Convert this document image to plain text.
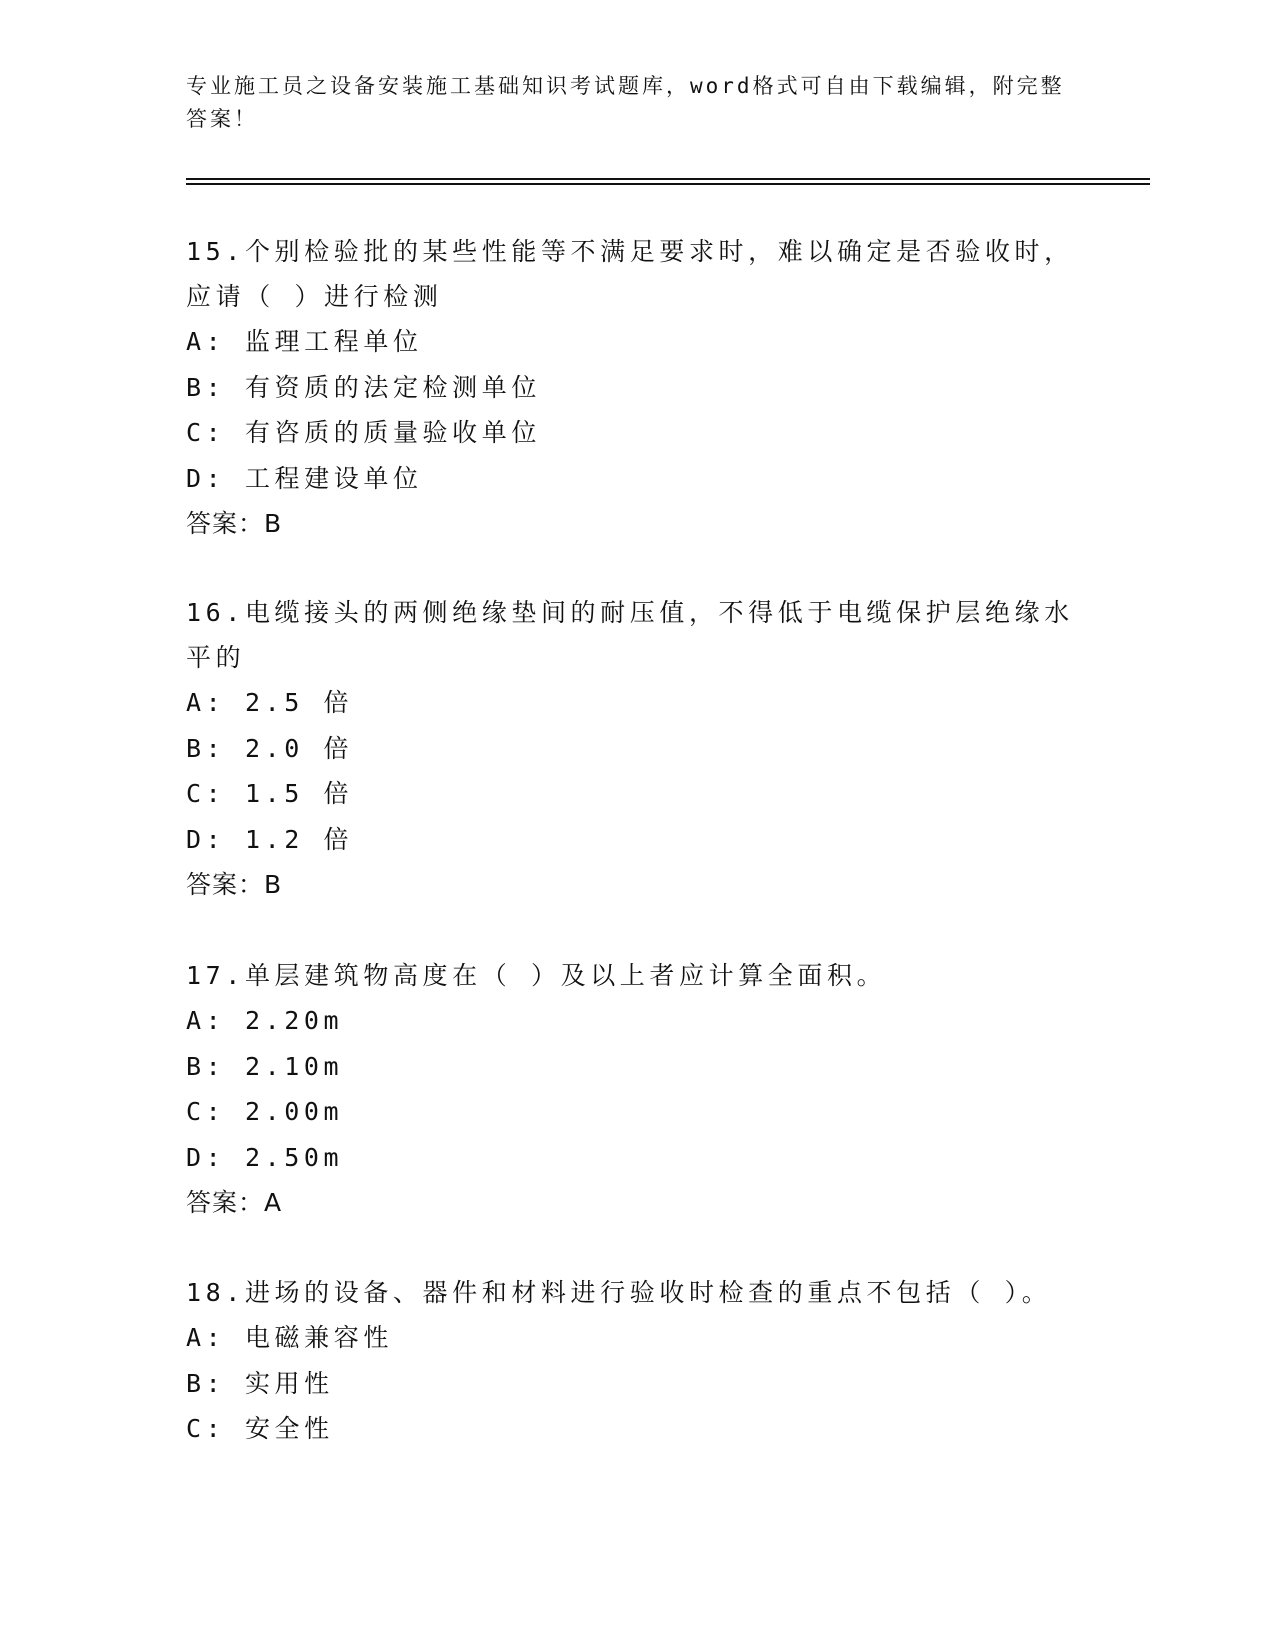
专业施工员之设备安装施工基础知识考试题库，word格式可自由下载编辑，附完整答案！

15.个别检验批的某些性能等不满足要求时，难以确定是否验收时，应请（ ）进行检测

A: 监理工程单位

B: 有资质的法定检测单位

C: 有咨质的质量验收单位

D: 工程建设单位

答案：B

16.电缆接头的两侧绝缘垫间的耐压值，不得低于电缆保护层绝缘水平的

A: 2.5 倍

B: 2.0 倍

C: 1.5 倍

D: 1.2 倍

答案：B

17.单层建筑物高度在（ ）及以上者应计算全面积。

A: 2.20m

B: 2.10m

C: 2.00m

D: 2.50m

答案：A

18.进场的设备、器件和材料进行验收时检查的重点不包括（ ）。

A: 电磁兼容性

B: 实用性

C: 安全性
